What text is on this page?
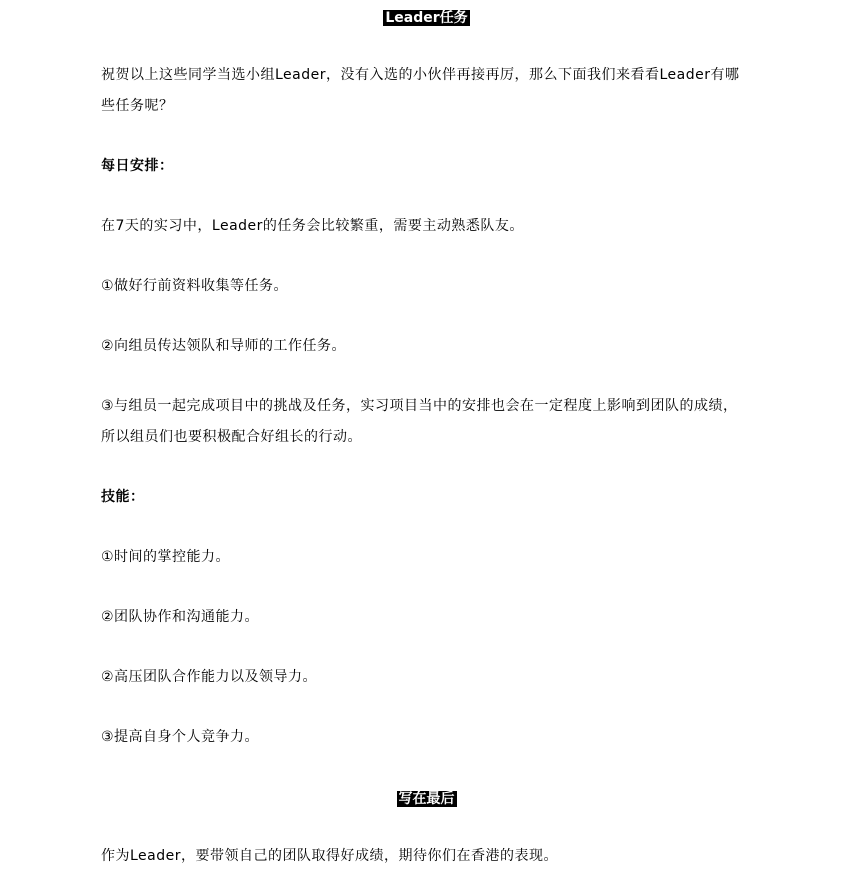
Leader任务

祝贺以上这些同学当选小组Leader，没有入选的小伙伴再接再厉，那么下面我们来看看Leader有哪些任务呢？

每日安排：

在7天的实习中，Leader的任务会比较繁重，需要主动熟悉队友。

①做好行前资料收集等任务。

②向组员传达领队和导师的工作任务。

③与组员一起完成项目中的挑战及任务，实习项目当中的安排也会在一定程度上影响到团队的成绩，所以组员们也要积极配合好组长的行动。

技能：

①时间的掌控能力。

②团队协作和沟通能力。

②高压团队合作能力以及领导力。

③提高自身个人竞争力。

写在最后

作为Leader，要带领自己的团队取得好成绩，期待你们在香港的表现。
